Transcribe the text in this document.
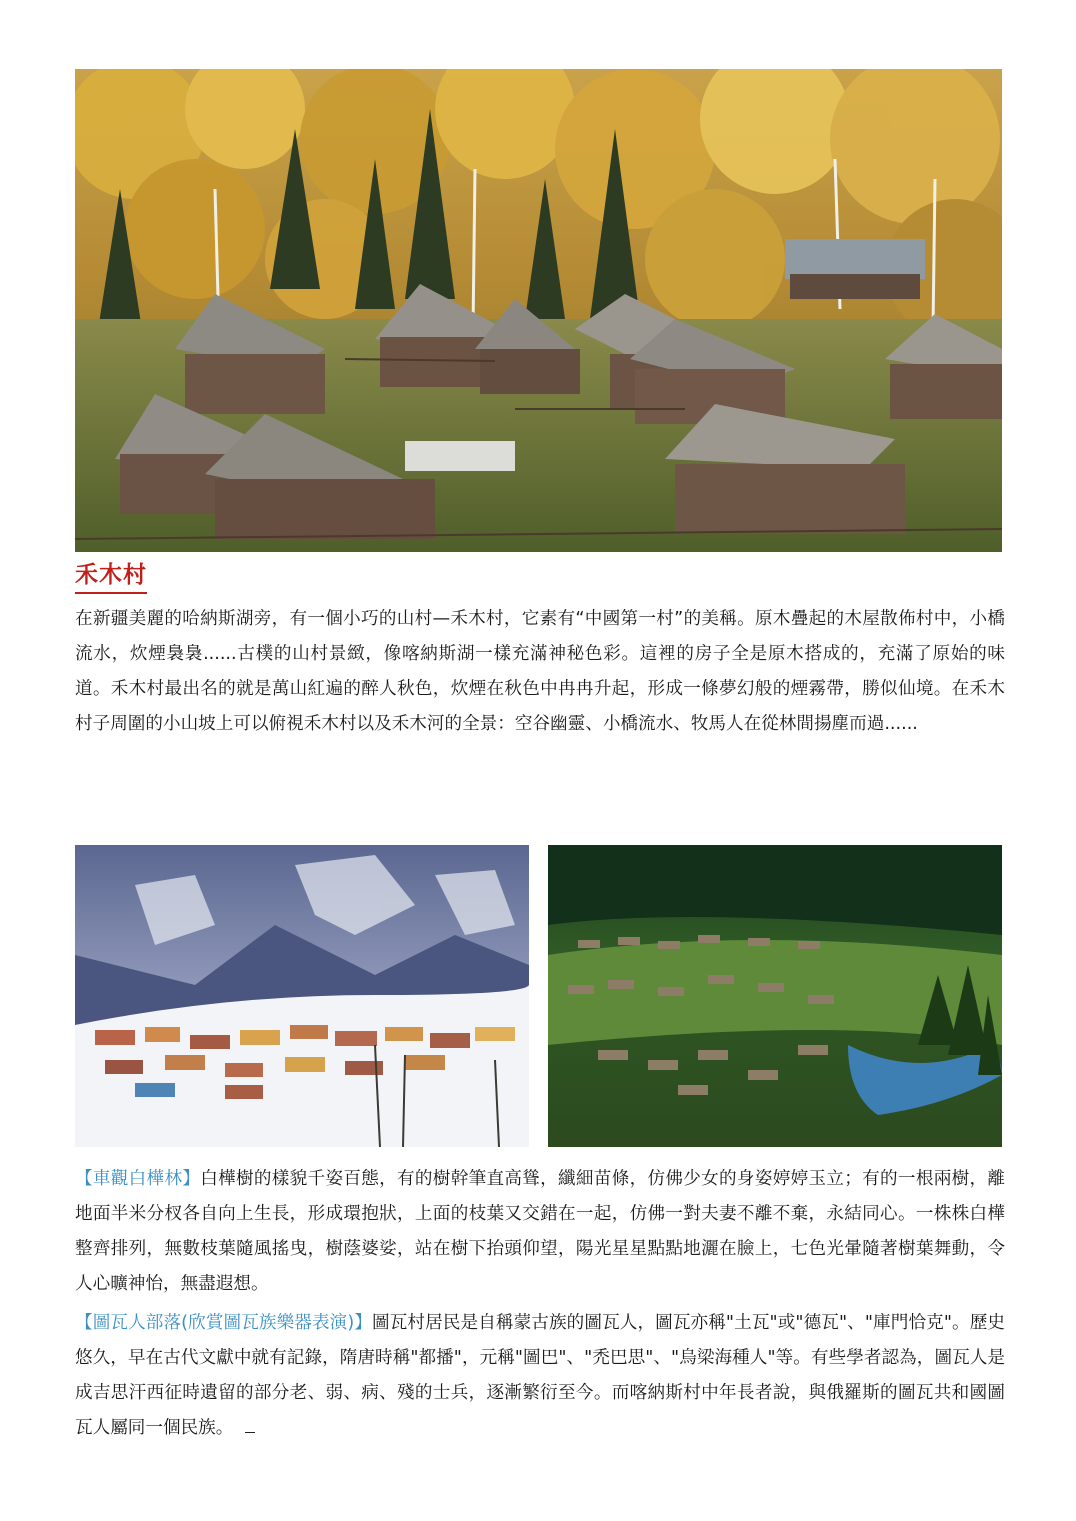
禾木村

在新疆美麗的哈納斯湖旁，有一個小巧的山村—禾木村，它素有“中國第一村”的美稱。原木疊起的木屋散佈村中，小橋流水，炊煙裊裊......古樸的山村景緻，像喀納斯湖一樣充滿神秘色彩。這裡的房子全是原木搭成的，充滿了原始的味道。禾木村最出名的就是萬山紅遍的醉人秋色，炊煙在秋色中冉冉升起，形成一條夢幻般的煙霧帶，勝似仙境。在禾木村子周圍的小山坡上可以俯視禾木村以及禾木河的全景：空谷幽靈、小橋流水、牧馬人在從林間揚塵而過......

【車觀白樺林】白樺樹的樣貌千姿百態，有的樹幹筆直高聳，纖細苗條，仿佛少女的身姿婷婷玉立；有的一根兩樹，離地面半米分杈各自向上生長，形成環抱狀，上面的枝葉又交錯在一起，仿佛一對夫妻不離不棄，永結同心。一株株白樺整齊排列，無數枝葉隨風搖曳，樹蔭婆娑，站在樹下抬頭仰望，陽光星星點點地灑在臉上，七色光暈隨著樹葉舞動，令人心曠神怡，無盡遐想。

【圖瓦人部落(欣賞圖瓦族樂器表演)】圖瓦村居民是自稱蒙古族的圖瓦人，圖瓦亦稱"土瓦"或"德瓦"、"庫門恰克"。歷史悠久，早在古代文獻中就有記錄，隋唐時稱"都播"，元稱"圖巴"、"禿巴思"、"烏梁海種人"等。有些學者認為，圖瓦人是成吉思汗西征時遺留的部分老、弱、病、殘的士兵，逐漸繁衍至今。而喀納斯村中年長者說，與俄羅斯的圖瓦共和國圖瓦人屬同一個民族。
